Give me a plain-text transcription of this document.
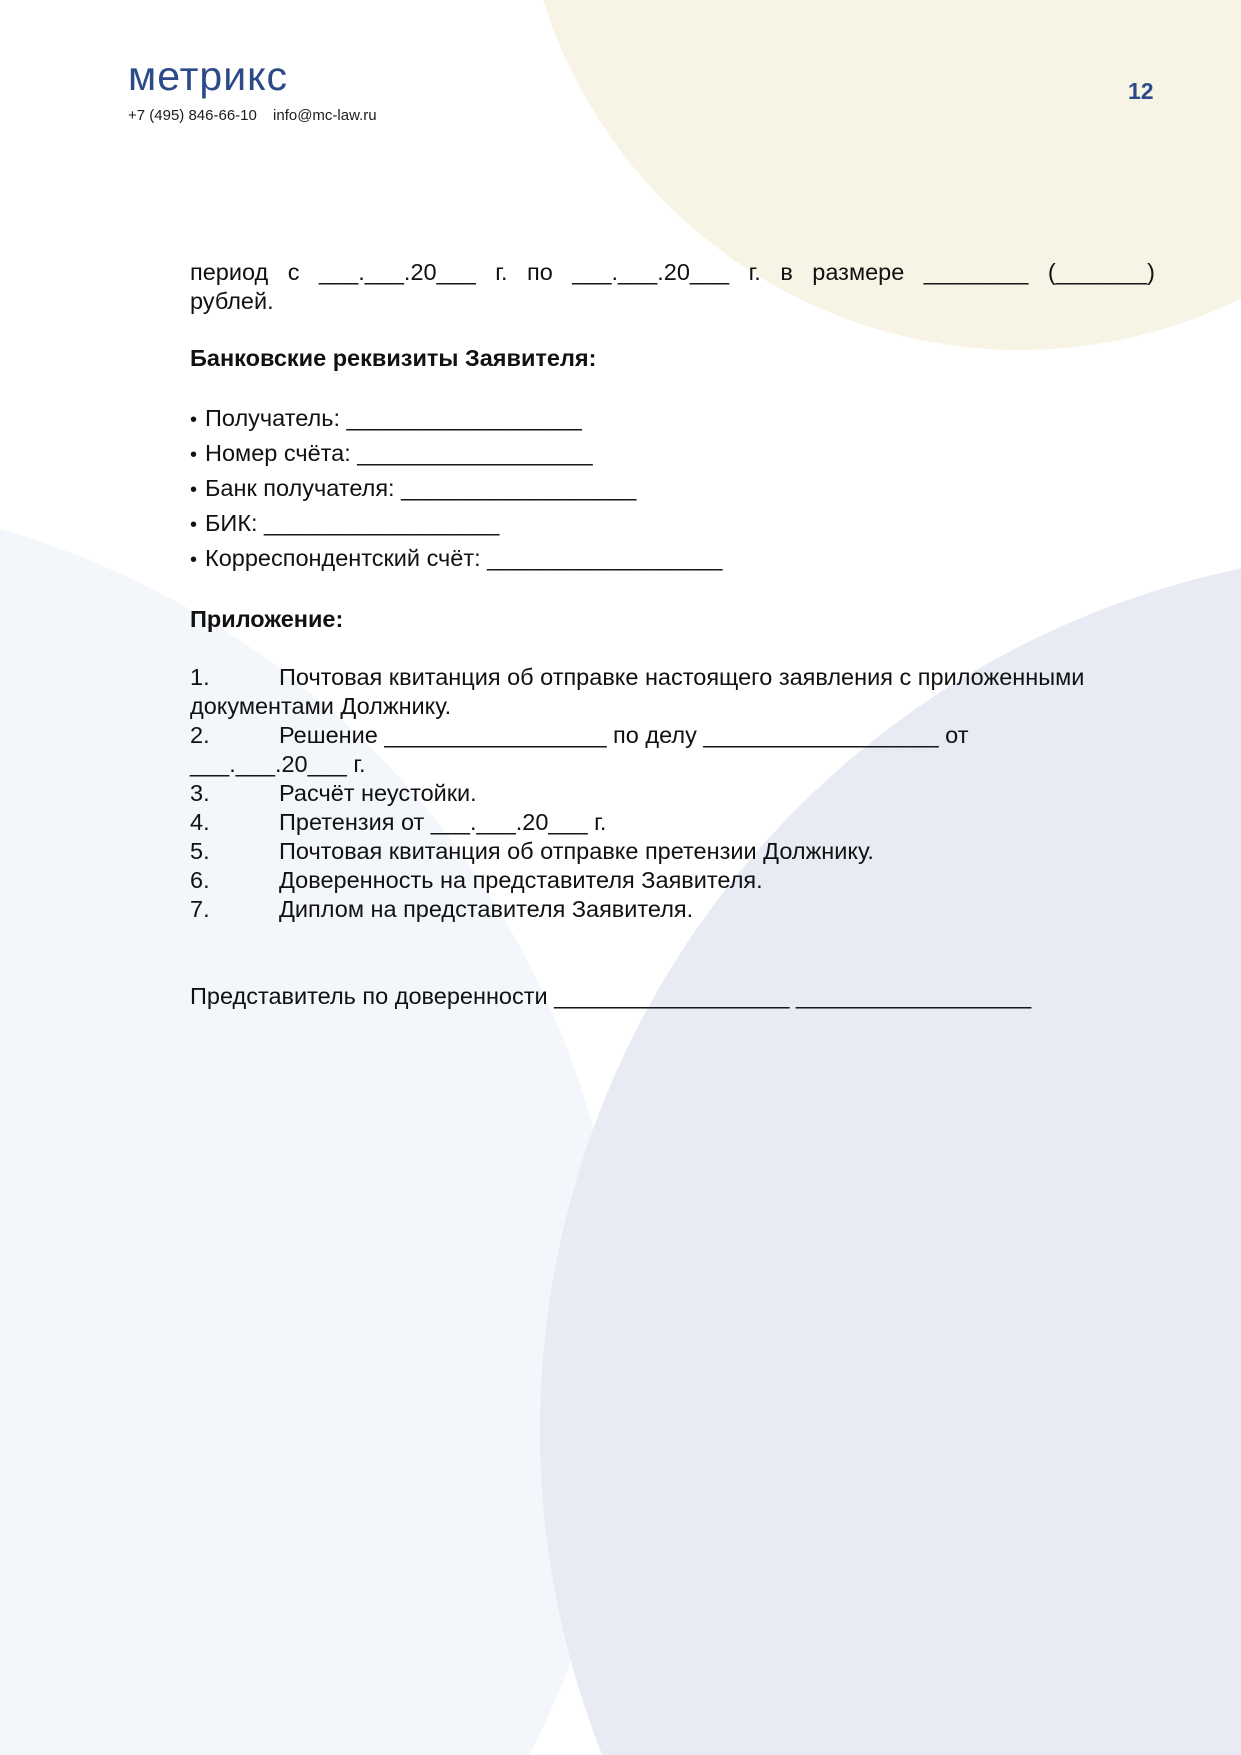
метрикс
+7 (495) 846-66-10 info@mc-law.ru
12
период с ___.___.20___ г. по ___.___.20___ г. в размере ________ (_______)

рублей.

Банковские реквизиты Заявителя:

• Получатель: __________________
• Номер счёта: __________________
• Банк получателя: __________________
• БИК: __________________
• Корреспондентский счёт: __________________

Приложение:

1.	Почтовая квитанция об отправке настоящего заявления с приложенными
документами Должнику.
2.	Решение _________________ по делу __________________ от
___.___.20___ г.
3.	Расчёт неустойки.
4.	Претензия от ___.___.20___ г.
5.	Почтовая квитанция об отправке претензии Должнику.
6.	Доверенность на представителя Заявителя.
7.	Диплом на представителя Заявителя.

Представитель по доверенности __________________ __________________
